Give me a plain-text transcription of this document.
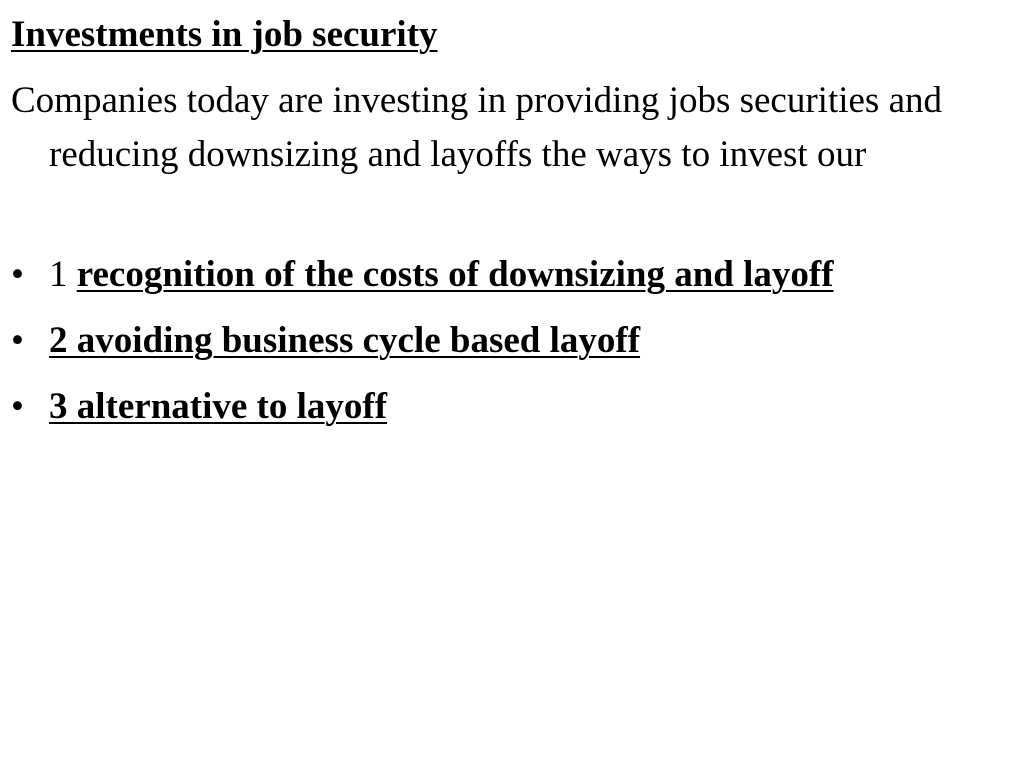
Investments in job security
Companies today are investing in providing jobs securities and reducing downsizing and layoffs the ways to invest our
• 1 recognition of the costs of downsizing and layoff
• 2 avoiding business cycle based layoff
• 3 alternative to layoff
